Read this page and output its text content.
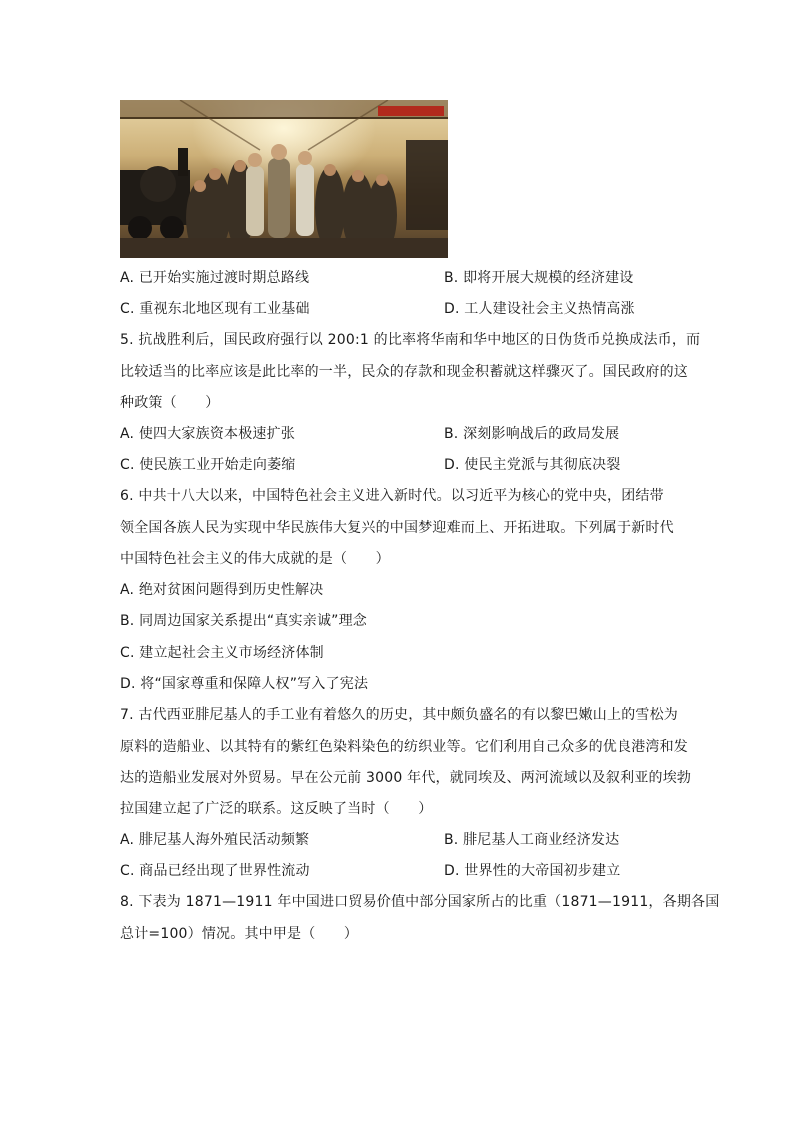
A. 已开始实施过渡时期总路线	B. 即将开展大规模的经济建设
C. 重视东北地区现有工业基础	D. 工人建设社会主义热情高涨
5. 抗战胜利后，国民政府强行以 200:1 的比率将华南和华中地区的日伪货币兑换成法币，而
比较适当的比率应该是此比率的一半，民众的存款和现金积蓄就这样骤灭了。国民政府的这
种政策（　　）
A. 使四大家族资本极速扩张	B. 深刻影响战后的政局发展
C. 使民族工业开始走向萎缩	D. 使民主党派与其彻底决裂
6. 中共十八大以来，中国特色社会主义进入新时代。以习近平为核心的党中央，团结带
领全国各族人民为实现中华民族伟大复兴的中国梦迎难而上、开拓进取。下列属于新时代
中国特色社会主义的伟大成就的是（　　）
A. 绝对贫困问题得到历史性解决
B. 同周边国家关系提出“真实亲诚”理念
C. 建立起社会主义市场经济体制
D. 将“国家尊重和保障人权”写入了宪法
7. 古代西亚腓尼基人的手工业有着悠久的历史，其中颇负盛名的有以黎巴嫩山上的雪松为
原料的造船业、以其特有的紫红色染料染色的纺织业等。它们利用自己众多的优良港湾和发
达的造船业发展对外贸易。早在公元前 3000 年代，就同埃及、两河流域以及叙利亚的埃勃
拉国建立起了广泛的联系。这反映了当时（　　）
A. 腓尼基人海外殖民活动频繁	B. 腓尼基人工商业经济发达
C. 商品已经出现了世界性流动	D. 世界性的大帝国初步建立
8. 下表为 1871—1911 年中国进口贸易价值中部分国家所占的比重（1871—1911，各期各国
总计=100）情况。其中甲是（　　）
